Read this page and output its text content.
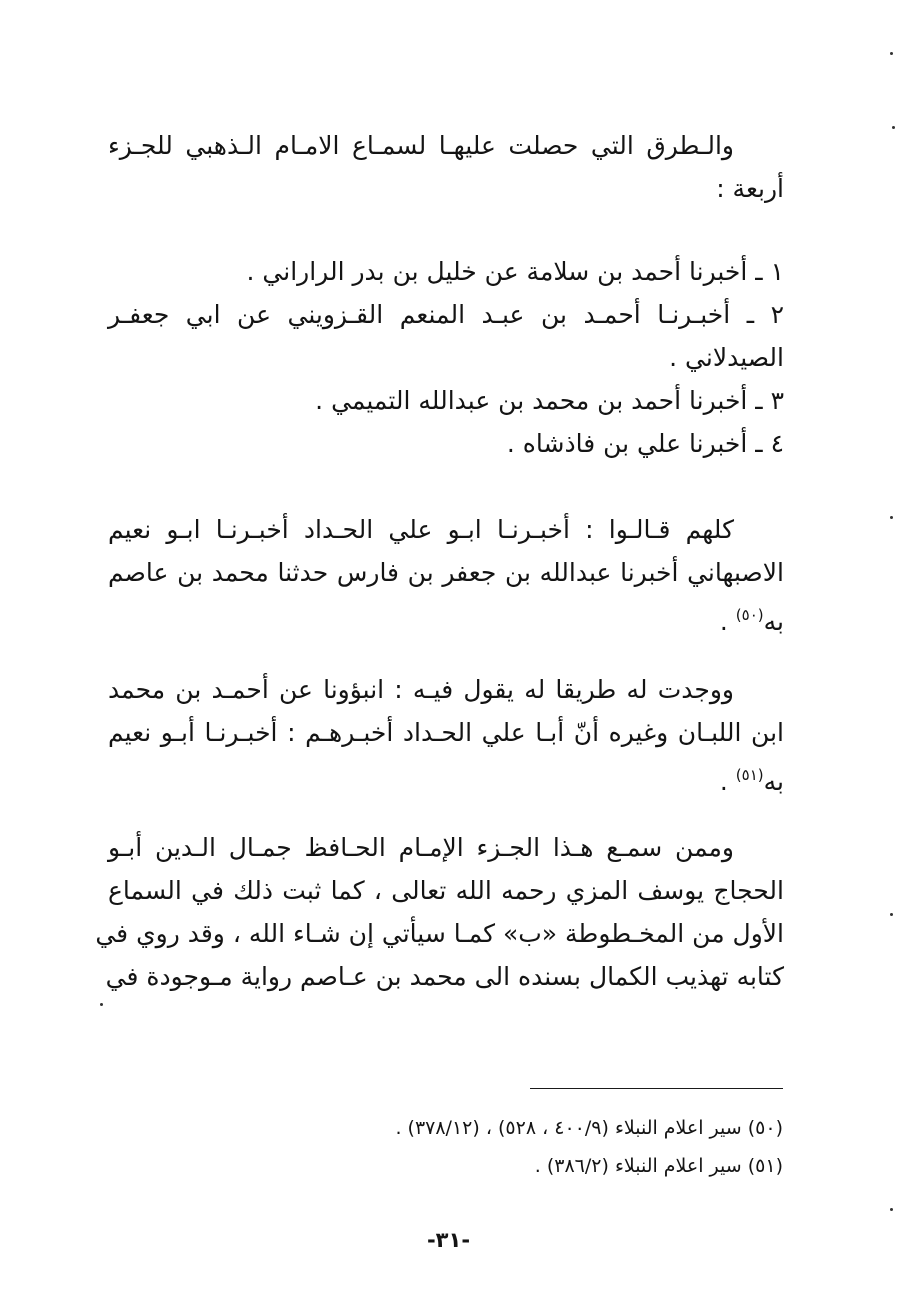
والـطرق التي حصلت عليهـا لسمـاع الامـام الـذهبي للجـزء
أربعة :
١ ـ أخبرنا أحمد بن سلامة عن خليل بن بدر الراراني .
٢ ـ أخبـرنـا أحمـد بن عبـد المنعم القـزويني عن ابي جعفـر
الصيدلاني .
٣ ـ أخبرنا أحمد بن محمد بن عبدالله التميمي .
٤ ـ أخبرنا علي بن فاذشاه .
كلهم قـالـوا : أخبـرنـا ابـو علي الحـداد أخبـرنـا ابـو نعيم
الاصبهاني أخبرنا عبدالله بن جعفر بن فارس حدثنا محمد بن عاصم
به$^{(٥٠)}$ .
ووجدت له طريقا له يقول فيـه : انبؤونا عن أحمـد بن محمد
ابن اللبـان وغيره أنّ أبـا علي الحـداد أخبـرهـم : أخبـرنـا أبـو نعيم
به$^{(٥١)}$ .
وممن سمـع هـذا الجـزء الإمـام الحـافظ جمـال الـدين أبـو
الحجاج يوسف المزي رحمه الله تعالى ، كما ثبت ذلك في السماع
الأول من المخـطوطة «ب» كمـا سيأتي إن شـاء الله ، وقد روي في
كتابه تهذيب الكمال بسنده الى محمد بن عـاصم رواية مـوجودة في
(٥٠) سير اعلام النبلاء (٤٠٠/٩ ، ٥٢٨) ، (٣٧٨/١٢) .
(٥١) سير اعلام النبلاء (٣٨٦/٢) .
-٣١-
